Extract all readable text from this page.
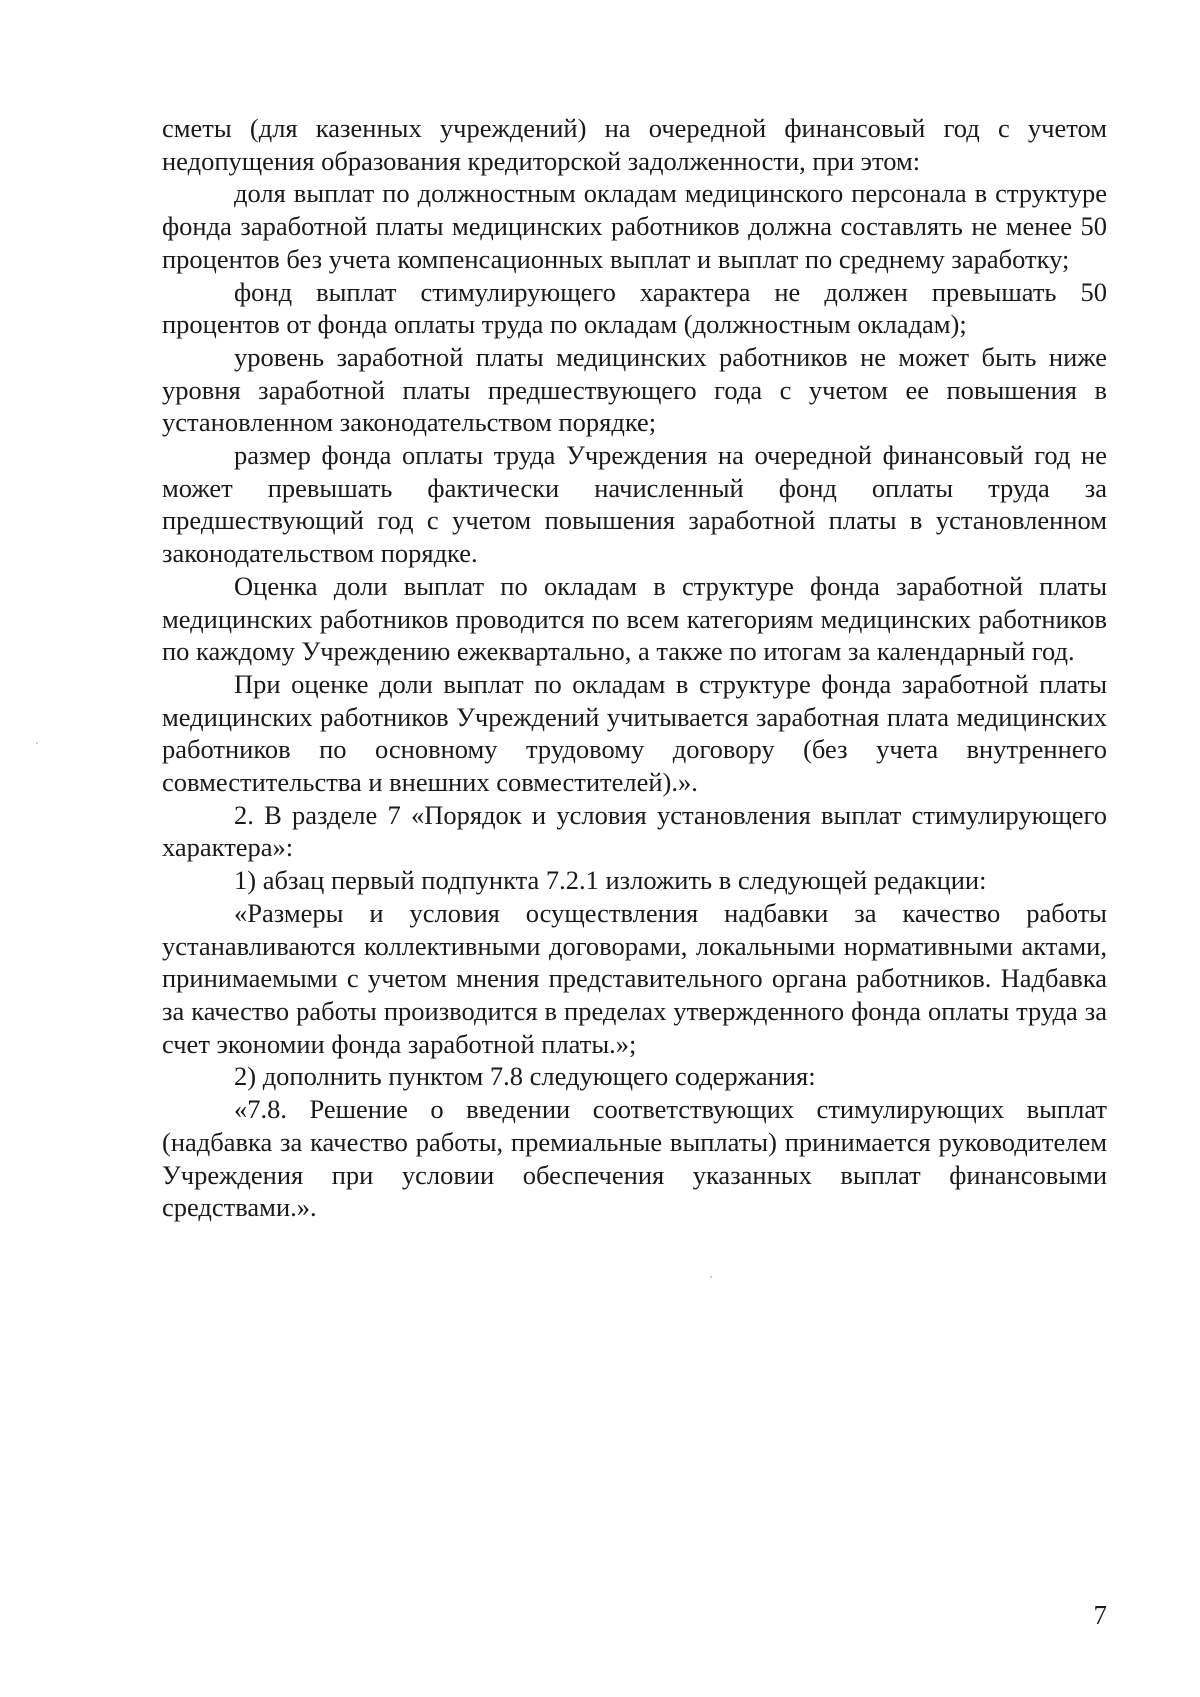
сметы (для казенных учреждений) на очередной финансовый год с учетом недопущения образования кредиторской задолженности, при этом:

доля выплат по должностным окладам медицинского персонала в структуре фонда заработной платы медицинских работников должна составлять не менее 50 процентов без учета компенсационных выплат и выплат по среднему заработку;

фонд выплат стимулирующего характера не должен превышать 50 процентов от фонда оплаты труда по окладам (должностным окладам);

уровень заработной платы медицинских работников не может быть ниже уровня заработной платы предшествующего года с учетом ее повышения в установленном законодательством порядке;

размер фонда оплаты труда Учреждения на очередной финансовый год не может превышать фактически начисленный фонд оплаты труда за предшествующий год с учетом повышения заработной платы в установленном законодательством порядке.

Оценка доли выплат по окладам в структуре фонда заработной платы медицинских работников проводится по всем категориям медицинских работников по каждому Учреждению ежеквартально, а также по итогам за календарный год.

При оценке доли выплат по окладам в структуре фонда заработной платы медицинских работников Учреждений учитывается заработная плата медицинских работников по основному трудовому договору (без учета внутреннего совместительства и внешних совместителей).».

2. В разделе 7 «Порядок и условия установления выплат стимулирующего характера»:

1) абзац первый подпункта 7.2.1 изложить в следующей редакции:

«Размеры и условия осуществления надбавки за качество работы устанавливаются коллективными договорами, локальными нормативными актами, принимаемыми с учетом мнения представительного органа работников. Надбавка за качество работы производится в пределах утвержденного фонда оплаты труда за счет экономии фонда заработной платы.»;

2) дополнить пунктом 7.8 следующего содержания:

«7.8. Решение о введении соответствующих стимулирующих выплат (надбавка за качество работы, премиальные выплаты) принимается руководителем Учреждения при условии обеспечения указанных выплат финансовыми средствами.».

7
